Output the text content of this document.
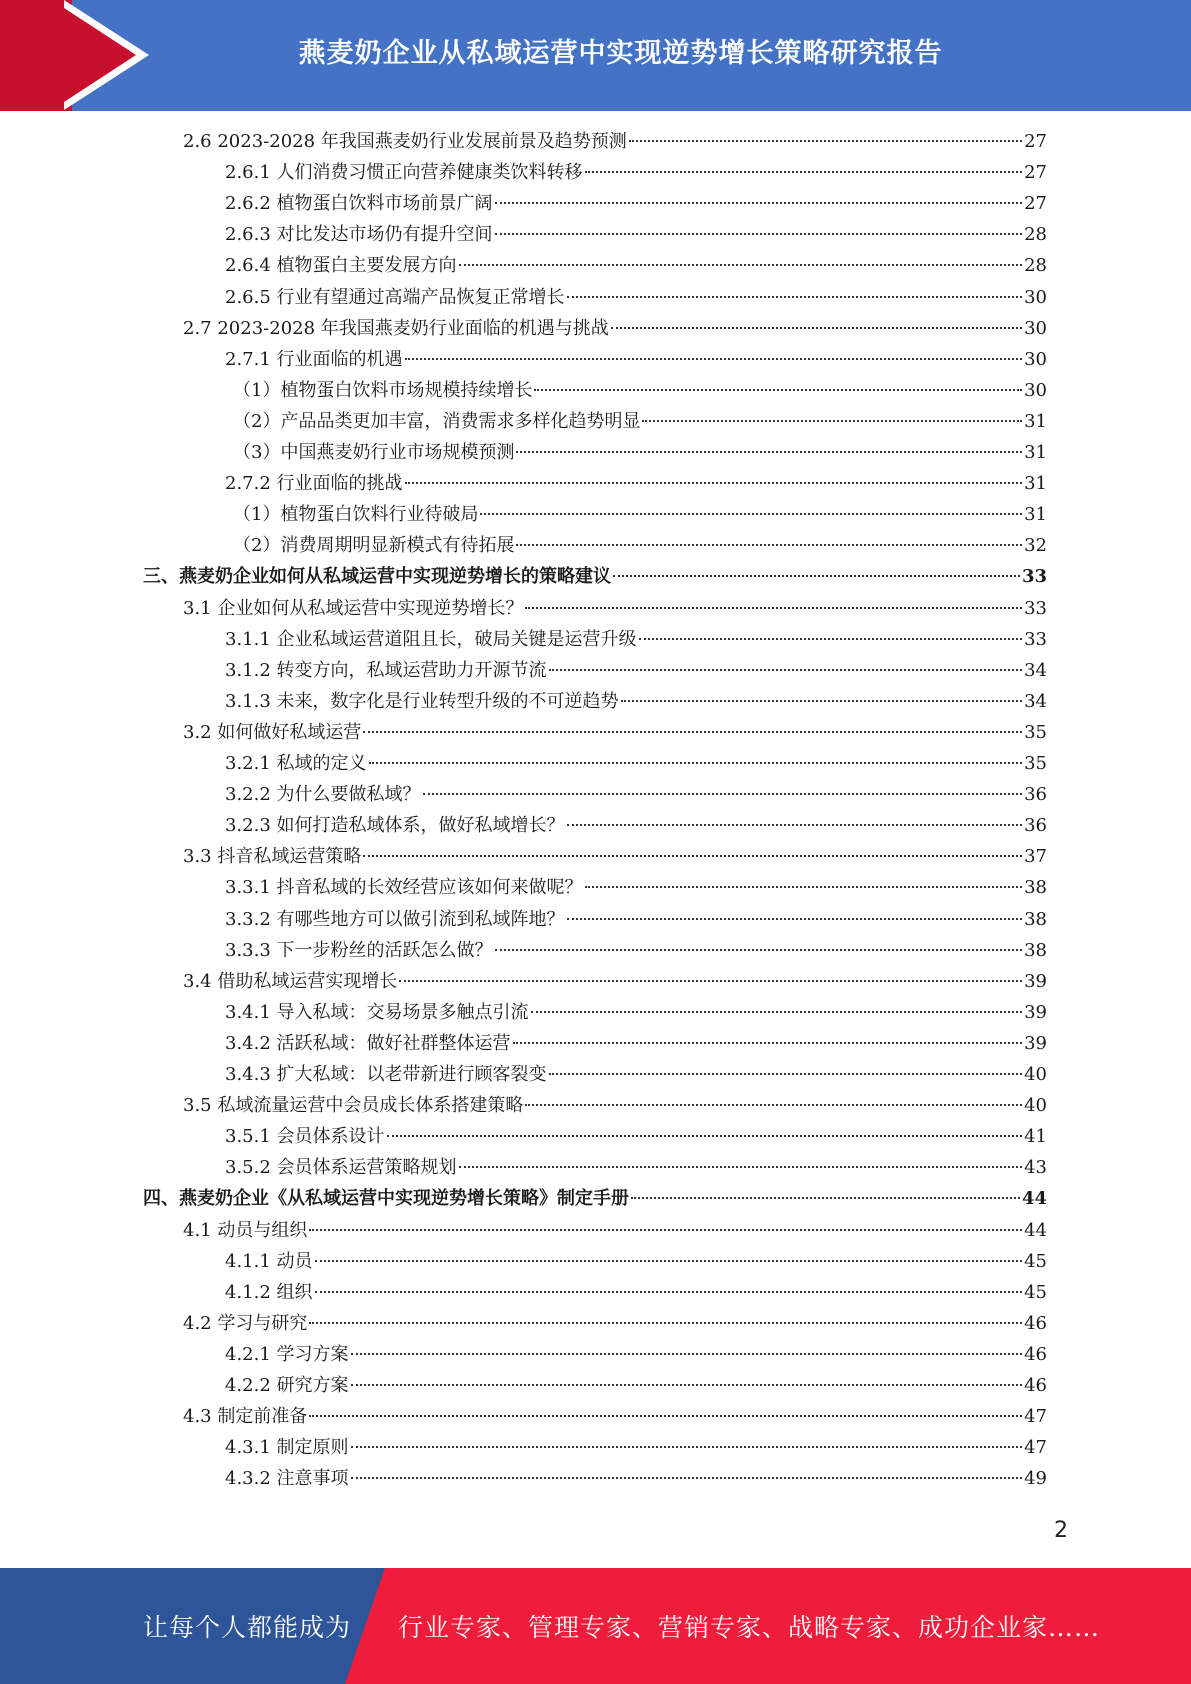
燕麦奶企业从私域运营中实现逆势增长策略研究报告
2.6 2023-2028 年我国燕麦奶行业发展前景及趋势预测	27
2.6.1 人们消费习惯正向营养健康类饮料转移	27
2.6.2 植物蛋白饮料市场前景广阔	27
2.6.3 对比发达市场仍有提升空间	28
2.6.4 植物蛋白主要发展方向	28
2.6.5 行业有望通过高端产品恢复正常增长	30
2.7 2023-2028 年我国燕麦奶行业面临的机遇与挑战	30
2.7.1 行业面临的机遇	30
（1）植物蛋白饮料市场规模持续增长	30
（2）产品品类更加丰富，消费需求多样化趋势明显	31
（3）中国燕麦奶行业市场规模预测	31
2.7.2 行业面临的挑战	31
（1）植物蛋白饮料行业待破局	31
（2）消费周期明显新模式有待拓展	32
三、燕麦奶企业如何从私域运营中实现逆势增长的策略建议	33
3.1 企业如何从私域运营中实现逆势增长？	33
3.1.1 企业私域运营道阻且长，破局关键是运营升级	33
3.1.2 转变方向，私域运营助力开源节流	34
3.1.3 未来，数字化是行业转型升级的不可逆趋势	34
3.2 如何做好私域运营	35
3.2.1 私域的定义	35
3.2.2 为什么要做私域？	36
3.2.3 如何打造私域体系，做好私域增长？	36
3.3 抖音私域运营策略	37
3.3.1 抖音私域的长效经营应该如何来做呢？	38
3.3.2 有哪些地方可以做引流到私域阵地？	38
3.3.3 下一步粉丝的活跃怎么做？	38
3.4 借助私域运营实现增长	39
3.4.1 导入私域：交易场景多触点引流	39
3.4.2 活跃私域：做好社群整体运营	39
3.4.3 扩大私域：以老带新进行顾客裂变	40
3.5 私域流量运营中会员成长体系搭建策略	40
3.5.1 会员体系设计	41
3.5.2 会员体系运营策略规划	43
四、燕麦奶企业《从私域运营中实现逆势增长策略》制定手册	44
4.1 动员与组织	44
4.1.1 动员	45
4.1.2 组织	45
4.2 学习与研究	46
4.2.1 学习方案	46
4.2.2 研究方案	46
4.3 制定前准备	47
4.3.1 制定原则	47
4.3.2 注意事项	49
2
让每个人都能成为 行业专家、管理专家、营销专家、战略专家、成功企业家……
